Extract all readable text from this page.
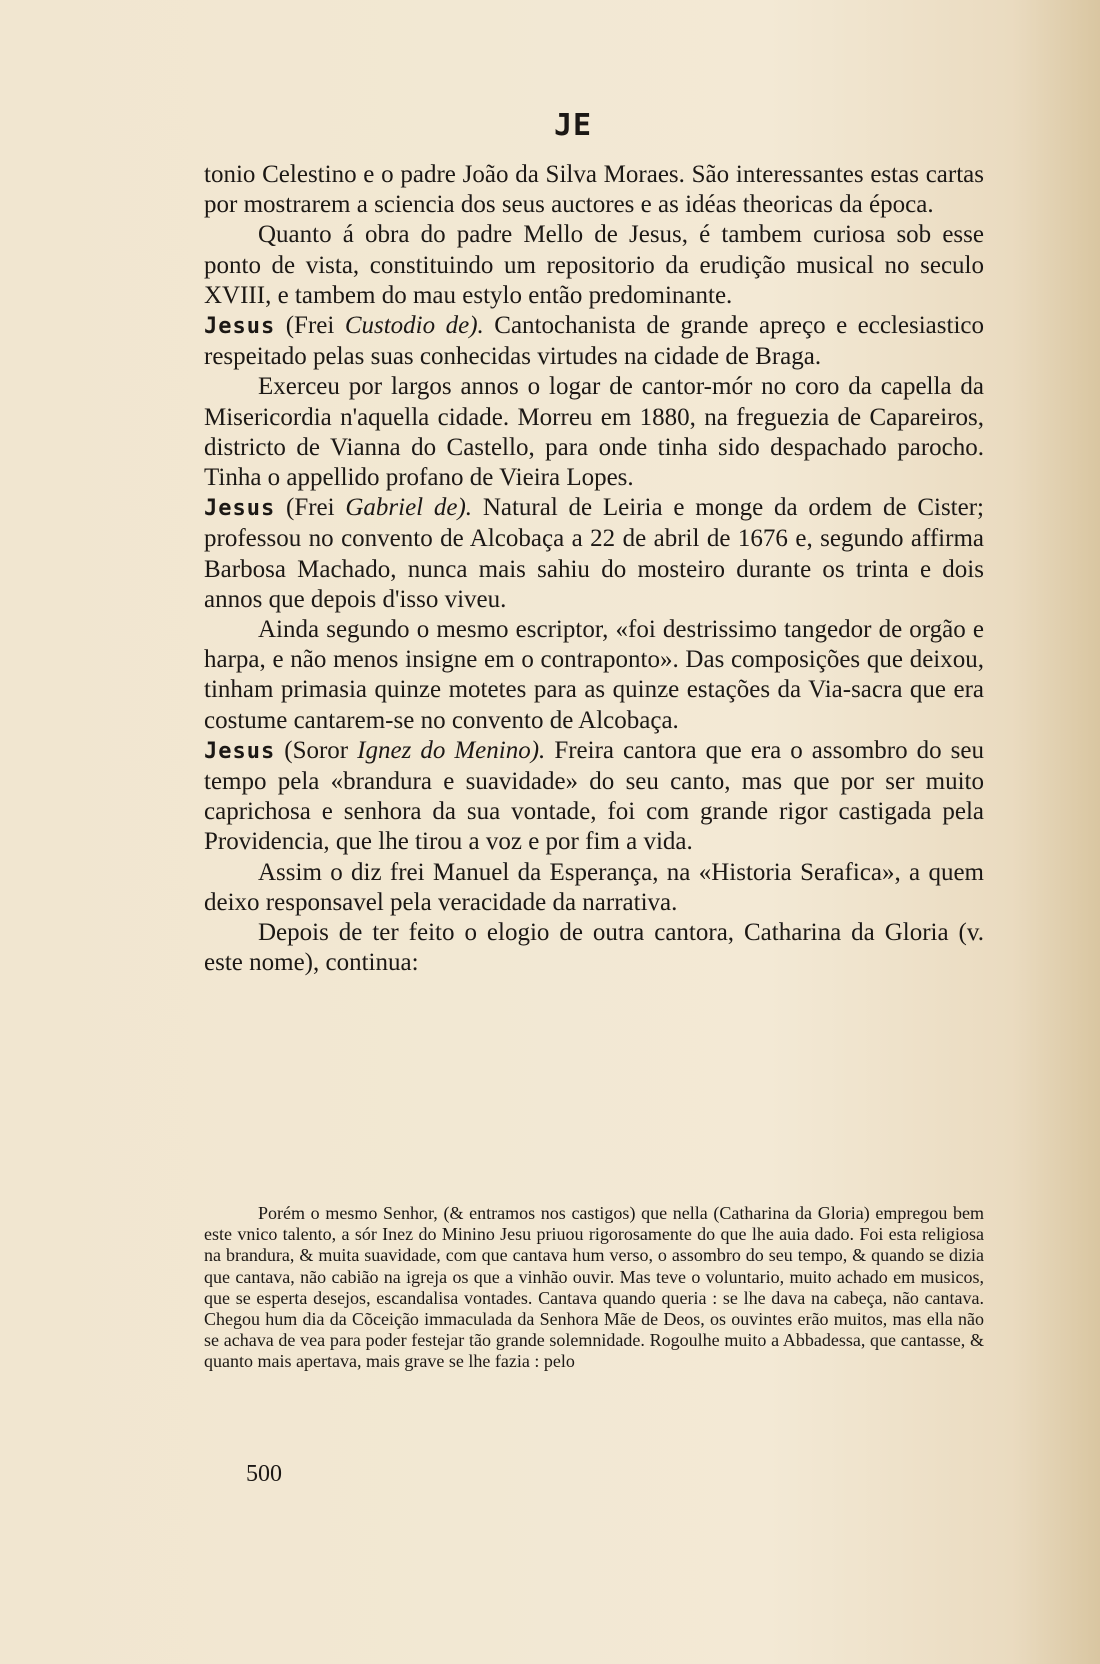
JE

tonio Celestino e o padre João da Silva Moraes. São interessantes estas cartas por mostrarem a sciencia dos seus auctores e as idéas theoricas da época.

Quanto á obra do padre Mello de Jesus, é tambem curiosa sob esse ponto de vista, constituindo um repositorio da erudição musical no seculo XVIII, e tambem do mau estylo então predominante.

Jesus (Frei Custodio de). Cantochanista de grande apreço e ecclesiastico respeitado pelas suas conhecidas virtudes na cidade de Braga.

Exerceu por largos annos o logar de cantor-mór no coro da capella da Misericordia n'aquella cidade. Morreu em 1880, na freguezia de Capareiros, districto de Vianna do Castello, para onde tinha sido despachado parocho. Tinha o appellido profano de Vieira Lopes.

Jesus (Frei Gabriel de). Natural de Leiria e monge da ordem de Cister; professou no convento de Alcobaça a 22 de abril de 1676 e, segundo affirma Barbosa Machado, nunca mais sahiu do mosteiro durante os trinta e dois annos que depois d'isso viveu.

Ainda segundo o mesmo escriptor, «foi destrissimo tangedor de orgão e harpa, e não menos insigne em o contraponto». Das composições que deixou, tinham primasia quinze motetes para as quinze estações da Via-sacra que era costume cantarem-se no convento de Alcobaça.

Jesus (Soror Ignez do Menino). Freira cantora que era o assombro do seu tempo pela «brandura e suavidade» do seu canto, mas que por ser muito caprichosa e senhora da sua vontade, foi com grande rigor castigada pela Providencia, que lhe tirou a voz e por fim a vida.

Assim o diz frei Manuel da Esperança, na «Historia Serafica», a quem deixo responsavel pela veracidade da narrativa.

Depois de ter feito o elogio de outra cantora, Catharina da Gloria (v. este nome), continua:

Porém o mesmo Senhor, (& entramos nos castigos) que nella (Catharina da Gloria) empregou bem este vnico talento, a sór Inez do Minino Jesu priuou rigorosamente do que lhe auia dado. Foi esta religiosa na brandura, & muita suavidade, com que cantava hum verso, o assombro do seu tempo, & quando se dizia que cantava, não cabião na igreja os que a vinhão ouvir. Mas teve o voluntario, muito achado em musicos, que se esperta desejos, escandalisa vontades. Cantava quando queria : se lhe dava na cabeça, não cantava. Chegou hum dia da Cõceição immaculada da Senhora Mãe de Deos, os ouvintes erão muitos, mas ella não se achava de vea para poder festejar tão grande solemnidade. Rogoulhe muito a Abbadessa, que cantasse, & quanto mais apertava, mais grave se lhe fazia : pelo

500
